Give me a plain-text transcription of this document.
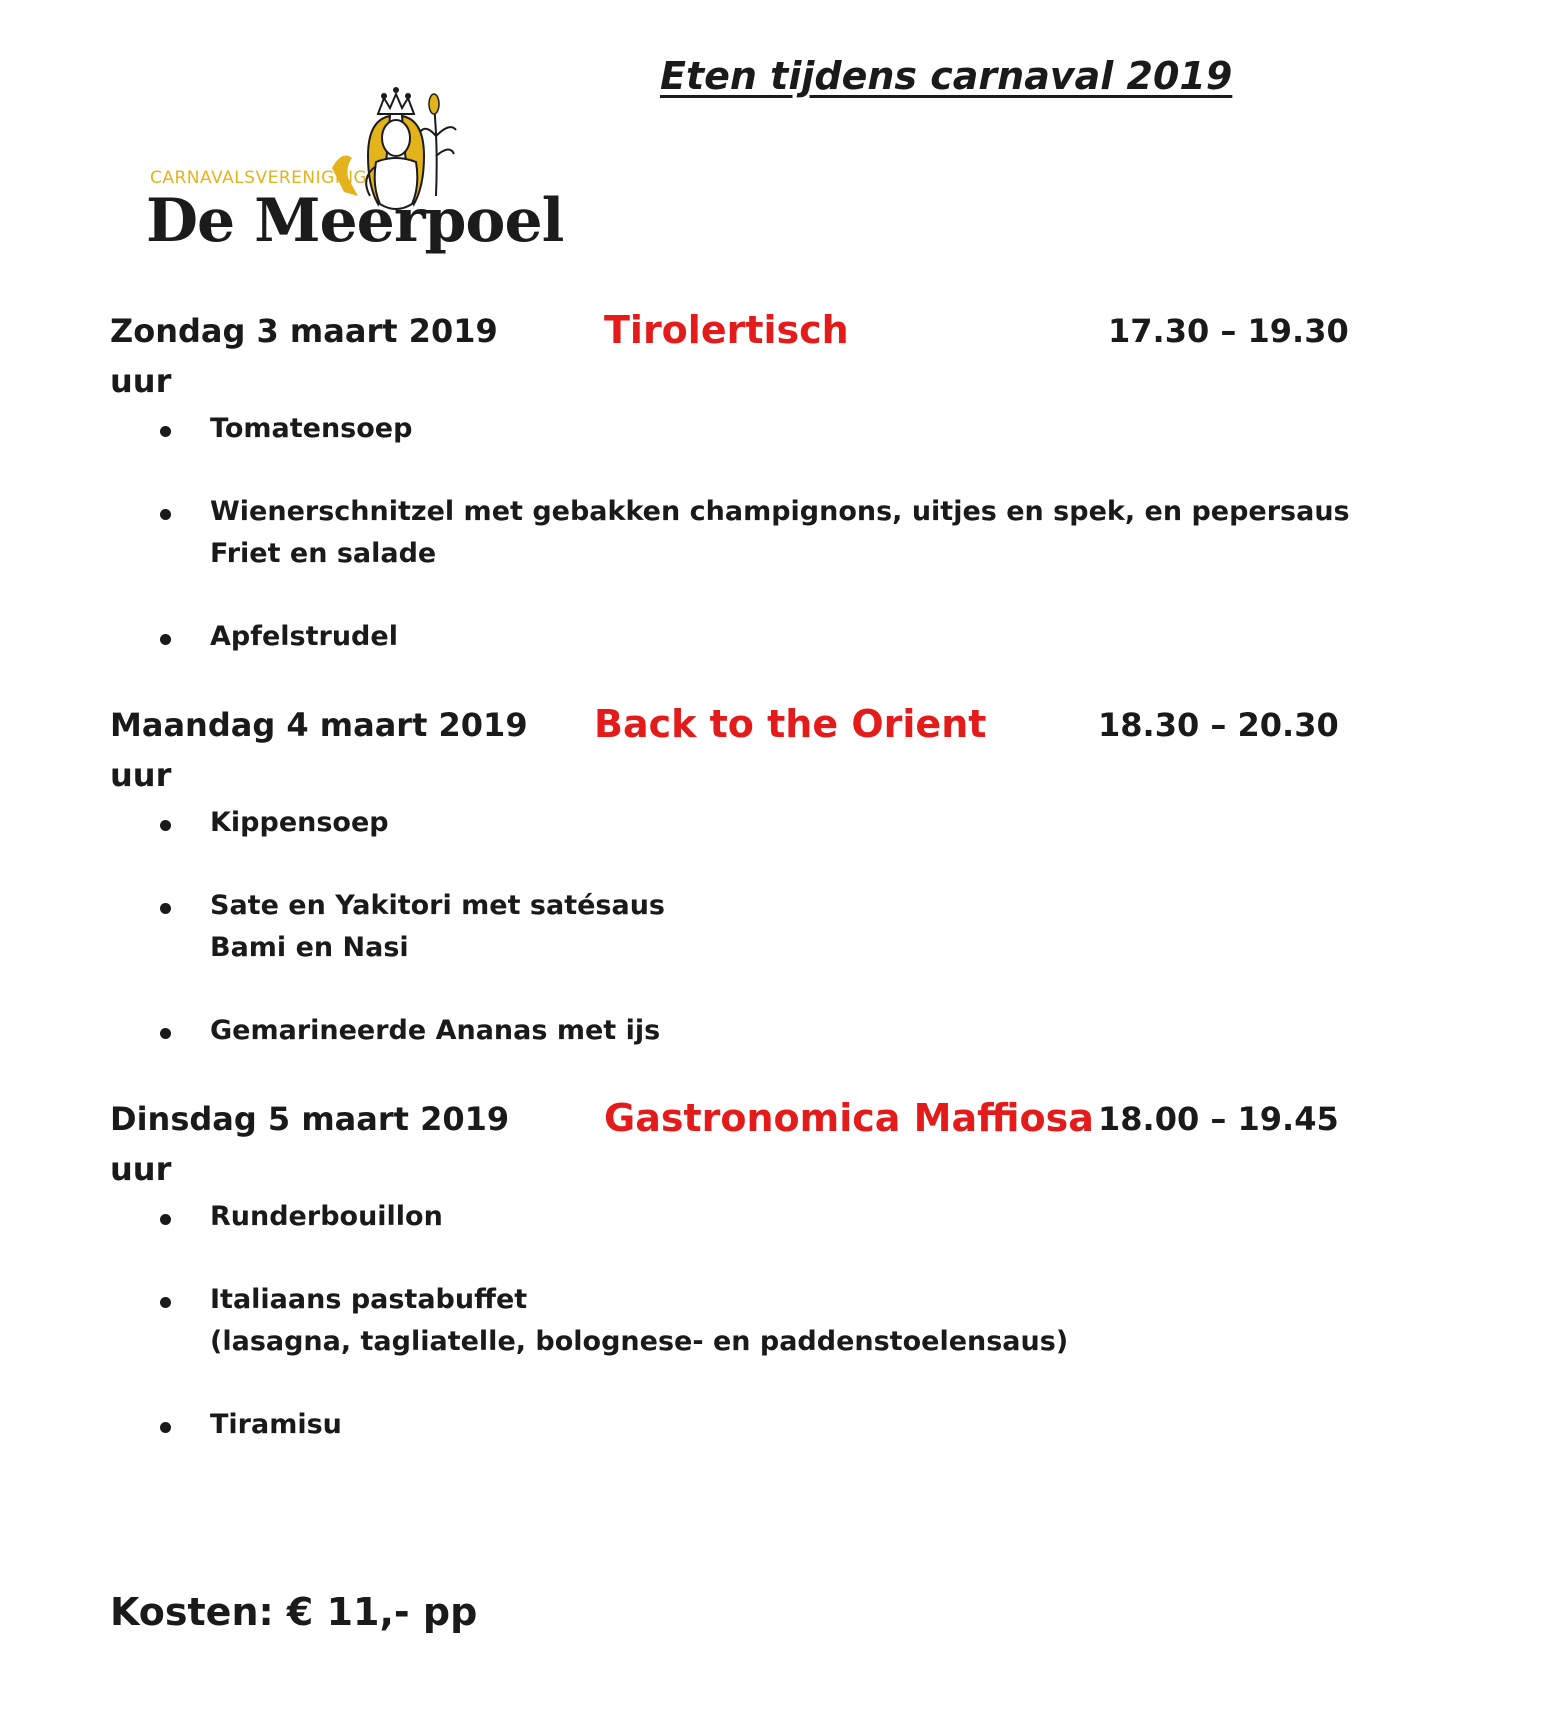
Eten tijdens carnaval 2019
CARNAVALSVERENIGING
De Meerpoel
Zondag 3 maart 2019	Tirolertisch	17.30 – 19.30
uur
Tomatensoep
Wienerschnitzel met gebakken champignons, uitjes en spek, en pepersaus
Friet en salade
Apfelstrudel
Maandag 4 maart 2019 Back to the Orient	18.30 – 20.30
uur
Kippensoep
Sate en Yakitori met satésaus
Bami en Nasi
Gemarineerde Ananas met ijs
Dinsdag 5 maart 2019 Gastronomica Maffiosa 18.00 – 19.45
uur
Runderbouillon
Italiaans pastabuffet
(lasagna, tagliatelle, bolognese- en paddenstoelensaus)
Tiramisu
Kosten: € 11,- pp
